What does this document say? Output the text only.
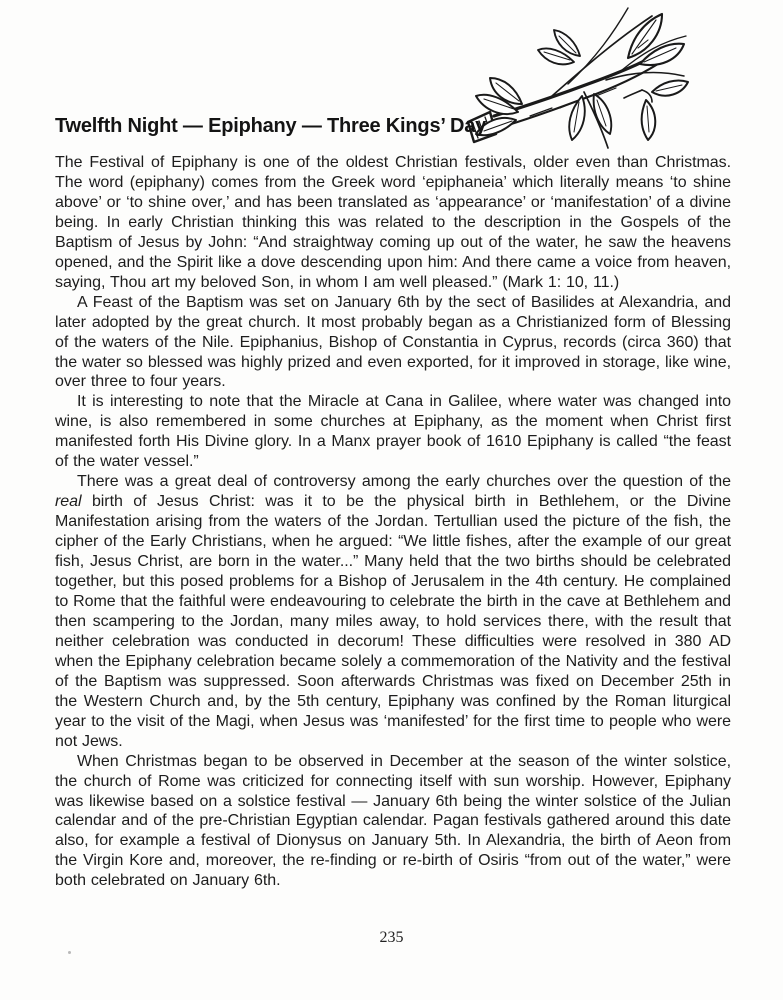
Twelfth Night — Epiphany — Three Kings’ Day

The Festival of Epiphany is one of the oldest Christian festivals, older even than Christmas. The word (epiphany) comes from the Greek word ‘epiphaneia’ which literally means ‘to shine above’ or ‘to shine over,’ and has been translated as ‘appearance’ or ‘manifestation’ of a divine being. In early Christian thinking this was related to the description in the Gospels of the Baptism of Jesus by John: “And straightway coming up out of the water, he saw the heavens opened, and the Spirit like a dove descending upon him: And there came a voice from heaven, saying, Thou art my beloved Son, in whom I am well pleased.” (Mark 1: 10, 11.)

A Feast of the Baptism was set on January 6th by the sect of Basilides at Alexandria, and later adopted by the great church. It most probably began as a Christianized form of Blessing of the waters of the Nile. Epiphanius, Bishop of Constantia in Cyprus, records (circa 360) that the water so blessed was highly prized and even exported, for it improved in storage, like wine, over three to four years.

It is interesting to note that the Miracle at Cana in Galilee, where water was changed into wine, is also remembered in some churches at Epiphany, as the moment when Christ first manifested forth His Divine glory. In a Manx prayer book of 1610 Epiphany is called “the feast of the water vessel.”

There was a great deal of controversy among the early churches over the question of the real birth of Jesus Christ: was it to be the physical birth in Bethlehem, or the Divine Manifestation arising from the waters of the Jordan. Tertullian used the picture of the fish, the cipher of the Early Christians, when he argued: “We little fishes, after the example of our great fish, Jesus Christ, are born in the water...” Many held that the two births should be celebrated together, but this posed problems for a Bishop of Jerusalem in the 4th century. He complained to Rome that the faithful were endeavouring to celebrate the birth in the cave at Bethlehem and then scampering to the Jordan, many miles away, to hold services there, with the result that neither celebration was conducted in decorum! These difficulties were resolved in 380 AD when the Epiphany celebration became solely a commemoration of the Nativity and the festival of the Baptism was suppressed. Soon afterwards Christmas was fixed on December 25th in the Western Church and, by the 5th century, Epiphany was confined by the Roman liturgical year to the visit of the Magi, when Jesus was ‘manifested’ for the first time to people who were not Jews.

When Christmas began to be observed in December at the season of the winter solstice, the church of Rome was criticized for connecting itself with sun worship. However, Epiphany was likewise based on a solstice festival — January 6th being the winter solstice of the Julian calendar and of the pre-Christian Egyptian calendar. Pagan festivals gathered around this date also, for example a festival of Dionysus on January 5th. In Alexandria, the birth of Aeon from the Virgin Kore and, moreover, the re-finding or re-birth of Osiris “from out of the water,” were both celebrated on January 6th.

235
